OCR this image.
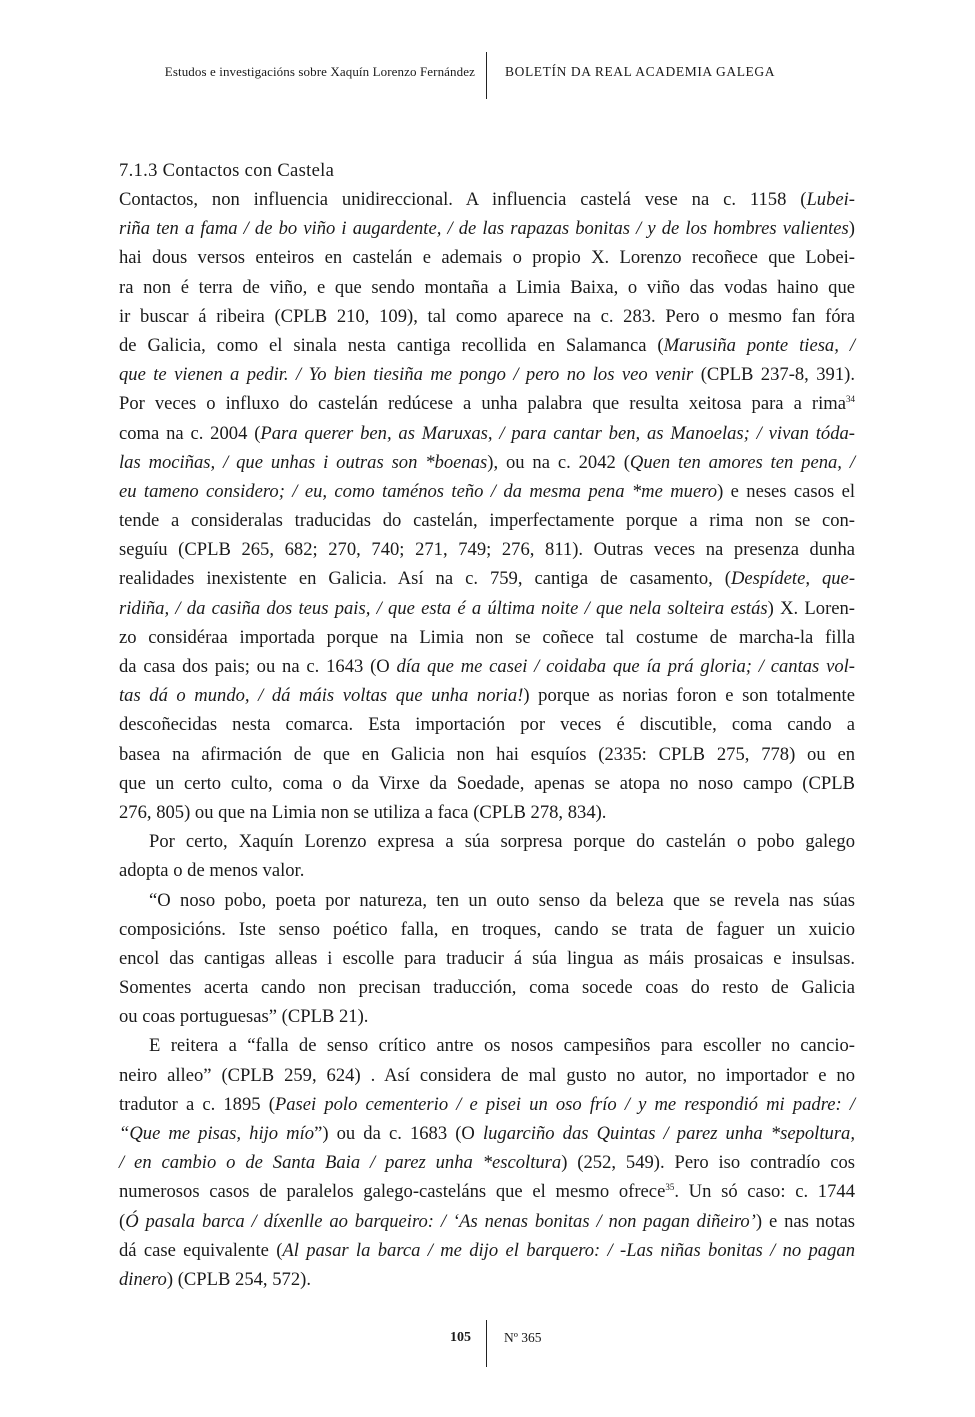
Estudos e investigacións sobre Xaquín Lorenzo Fernández BOLETÍN DA REAL ACADEMIA GALEGA
7.1.3 Contactos con Castela
Contactos, non influencia unidireccional. A influencia castelá vese na c. 1158 (Lubei-
riña ten a fama / de bo viño i augardente, / de las rapazas bonitas / y de los hombres valientes)
hai dous versos enteiros en castelán e ademais o propio X. Lorenzo recoñece que Lobei-
ra non é terra de viño, e que sendo montaña a Limia Baixa, o viño das vodas haino que
ir buscar á ribeira (CPLB 210, 109), tal como aparece na c. 283. Pero o mesmo fan fóra
de Galicia, como el sinala nesta cantiga recollida en Salamanca (Marusiña ponte tiesa, /
que te vienen a pedir. / Yo bien tiesiña me pongo / pero no los veo venir (CPLB 237-8, 391).
Por veces o influxo do castelán redúcese a unha palabra que resulta xeitosa para a rima$^{34}$
coma na c. 2004 (Para querer ben, as Maruxas, / para cantar ben, as Manoelas; / vivan tóda-
las mociñas, / que unhas i outras son *boenas), ou na c. 2042 (Quen ten amores ten pena, /
eu tameno considero; / eu, como taménos teño / da mesma pena *me muero) e neses casos el
tende a consideralas traducidas do castelán, imperfectamente porque a rima non se con-
seguíu (CPLB 265, 682; 270, 740; 271, 749; 276, 811). Outras veces na presenza dunha
realidades inexistente en Galicia. Así na c. 759, cantiga de casamento, (Despídete, que-
ridiña, / da casiña dos teus pais, / que esta é a última noite / que nela solteira estás) X. Loren-
zo considéraa importada porque na Limia non se coñece tal costume de marcha-la filla
da casa dos pais; ou na c. 1643 (O día que me casei / coidaba que ía prá gloria; / cantas vol-
tas dá o mundo, / dá máis voltas que unha noria!) porque as norias foron e son totalmente
descoñecidas nesta comarca. Esta importación por veces é discutible, coma cando a
basea na afirmación de que en Galicia non hai esquíos (2335: CPLB 275, 778) ou en
que un certo culto, coma o da Virxe da Soedade, apenas se atopa no noso campo (CPLB
276, 805) ou que na Limia non se utiliza a faca (CPLB 278, 834).
Por certo, Xaquín Lorenzo expresa a súa sorpresa porque do castelán o pobo galego
adopta o de menos valor.
“O noso pobo, poeta por natureza, ten un outo senso da beleza que se revela nas súas
composicións. Iste senso poético falla, en troques, cando se trata de faguer un xuicio
encol das cantigas alleas i escolle para traducir á súa lingua as máis prosaicas e insulsas.
Somentes acerta cando non precisan traducción, coma socede coas do resto de Galicia
ou coas portuguesas” (CPLB 21).
E reitera a “falla de senso crítico antre os nosos campesiños para escoller no cancio-
neiro alleo” (CPLB 259, 624) . Así considera de mal gusto no autor, no importador e no
tradutor a c. 1895 (Pasei polo cementerio / e pisei un oso frío / y me respondió mi padre: /
“Que me pisas, hijo mío”) ou da c. 1683 (O lugarciño das Quintas / parez unha *sepoltura,
/ en cambio o de Santa Baia / parez unha *escoltura) (252, 549). Pero iso contradío cos
numerosos casos de paralelos galego-casteláns que el mesmo ofrece$^{35}$. Un só caso: c. 1744
(Ó pasala barca / díxenlle ao barqueiro: / ‘As nenas bonitas / non pagan diñeiro’) e nas notas
dá case equivalente (Al pasar la barca / me dijo el barquero: / -Las niñas bonitas / no pagan
dinero) (CPLB 254, 572).
105 Nº 365
